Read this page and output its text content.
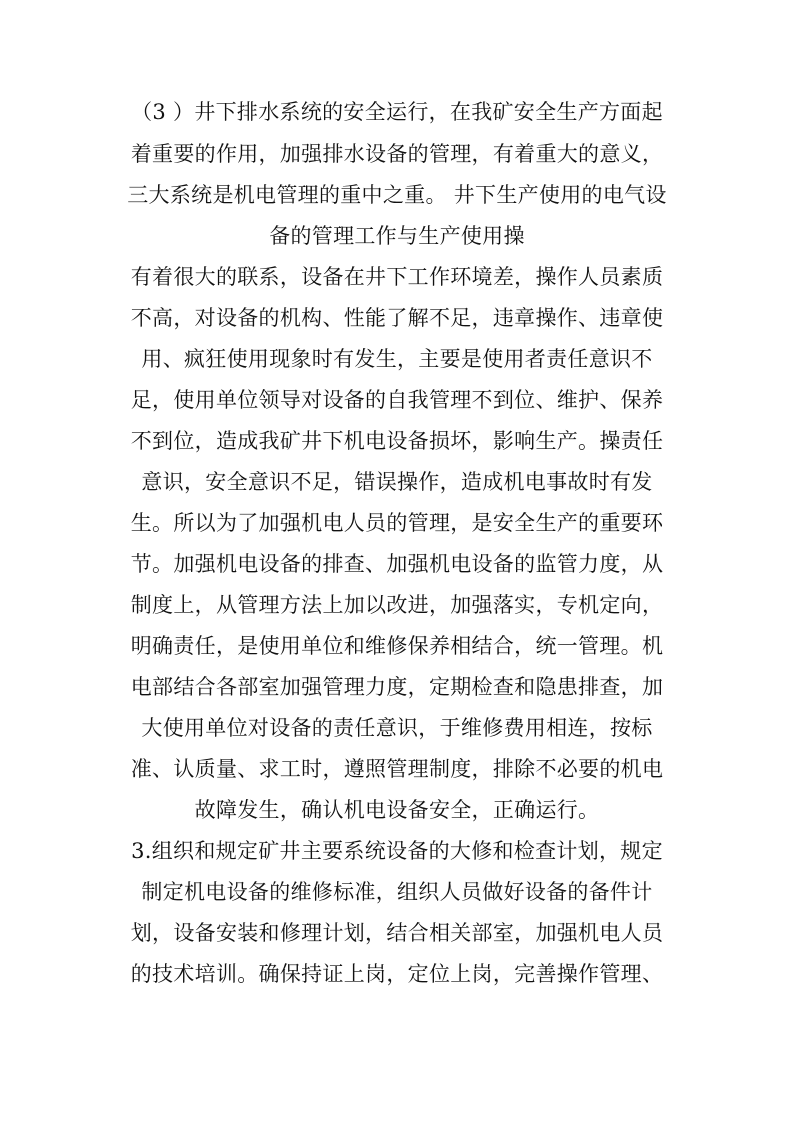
（3 ）井下排水系统的安全运行，在我矿安全生产方面起
着重要的作用，加强排水设备的管理，有着重大的意义，
三大系统是机电管理的重中之重。 井下生产使用的电气设
备的管理工作与生产使用操
有着很大的联系，设备在井下工作环境差，操作人员素质
不高，对设备的机构、性能了解不足，违章操作、违章使
用、疯狂使用现象时有发生，主要是使用者责任意识不
足，使用单位领导对设备的自我管理不到位、维护、保养
不到位，造成我矿井下机电设备损坏，影响生产。操责任
意识，安全意识不足，错误操作，造成机电事故时有发
生。所以为了加强机电人员的管理，是安全生产的重要环
节。加强机电设备的排查、加强机电设备的监管力度，从
制度上，从管理方法上加以改进，加强落实，专机定向，
明确责任，是使用单位和维修保养相结合，统一管理。机
电部结合各部室加强管理力度，定期检查和隐患排查，加
大使用单位对设备的责任意识，于维修费用相连，按标
准、认质量、求工时，遵照管理制度，排除不必要的机电
故障发生，确认机电设备安全，正确运行。
3.组织和规定矿井主要系统设备的大修和检查计划，规定
制定机电设备的维修标准，组织人员做好设备的备件计
划，设备安装和修理计划，结合相关部室，加强机电人员
的技术培训。确保持证上岗，定位上岗，完善操作管理、
